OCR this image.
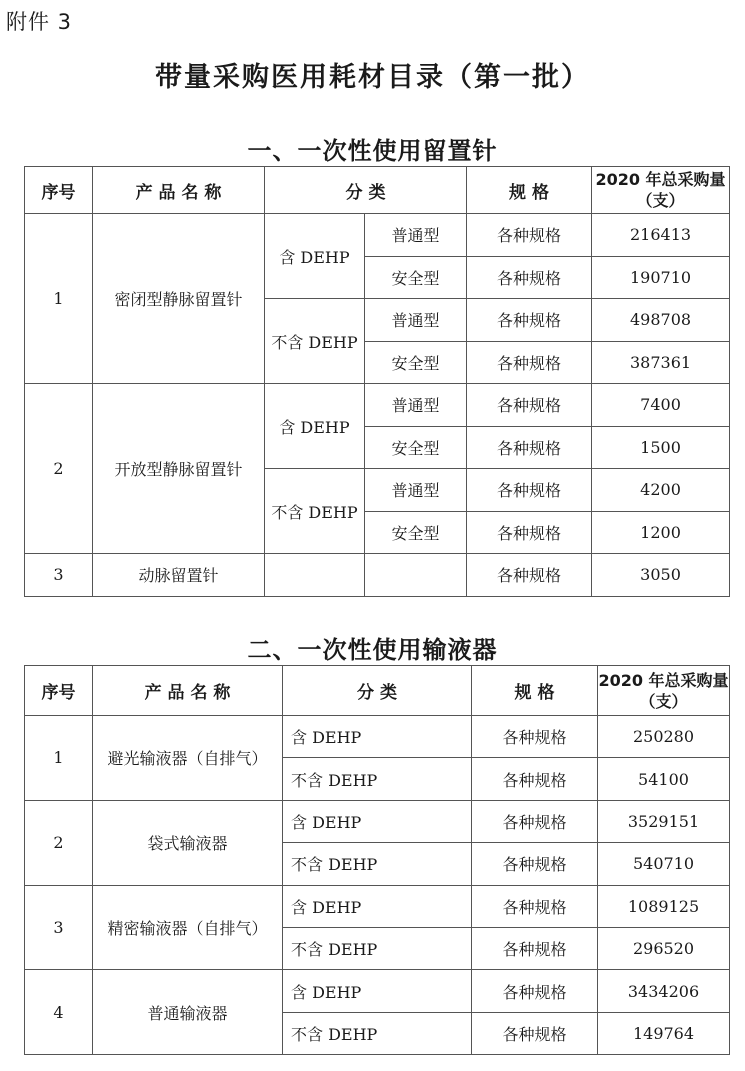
附件 3
带量采购医用耗材目录（第一批）
一、一次性使用留置针
序号	产 品 名 称	分 类		规 格	2020 年总采购量（支）
1	密闭型静脉留置针	含 DEHP	普通型	各种规格	216413
			安全型	各种规格	190710
		不含 DEHP	普通型	各种规格	498708
			安全型	各种规格	387361
2	开放型静脉留置针	含 DEHP	普通型	各种规格	7400
			安全型	各种规格	1500
		不含 DEHP	普通型	各种规格	4200
			安全型	各种规格	1200
3	动脉留置针			各种规格	3050
二、一次性使用输液器
序号	产 品 名 称	分 类	规 格	2020 年总采购量（支）
1	避光输液器（自排气）	含 DEHP	各种规格	250280
		不含 DEHP	各种规格	54100
2	袋式输液器	含 DEHP	各种规格	3529151
		不含 DEHP	各种规格	540710
3	精密输液器（自排气）	含 DEHP	各种规格	1089125
		不含 DEHP	各种规格	296520
4	普通输液器	含 DEHP	各种规格	3434206
		不含 DEHP	各种规格	149764
